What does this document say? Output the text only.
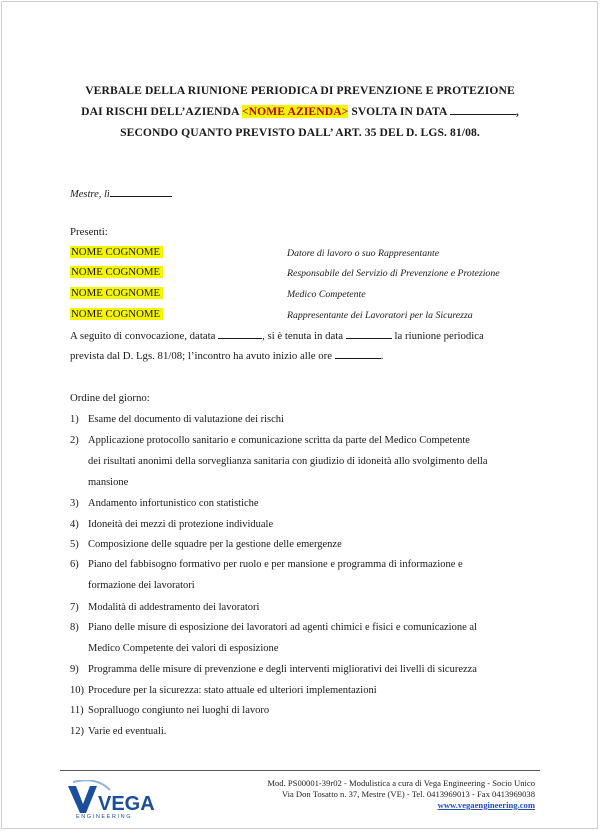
VERBALE DELLA RIUNIONE PERIODICA DI PREVENZIONE E PROTEZIONE
DAI RISCHI DELL’AZIENDA <NOME AZIENDA> SVOLTA IN DATA	,
SECONDO QUANTO PREVISTO DALL’ ART. 35 DEL D. LGS. 81/08.
Mestre, lì
Presenti:
NOME COGNOME	Datore di lavoro o suo Rappresentante
NOME COGNOME	Responsabile del Servizio di Prevenzione e Protezione
NOME COGNOME	Medico Competente
NOME COGNOME	Rappresentante dei Lavoratori per la Sicurezza
A seguito di convocazione, datata	, si è tenuta in data	la riunione periodica
prevista dal D. Lgs. 81/08; l’incontro ha avuto inizio alle ore	.
Ordine del giorno:
1) Esame del documento di valutazione dei rischi
2) Applicazione protocollo sanitario e comunicazione scritta da parte del Medico Competente
dei risultati anonimi della sorveglianza sanitaria con giudizio di idoneità allo svolgimento della
mansione
3) Andamento infortunistico con statistiche
4) Idoneità dei mezzi di protezione individuale
5) Composizione delle squadre per la gestione delle emergenze
6) Piano del fabbisogno formativo per ruolo e per mansione e programma di informazione e
formazione dei lavoratori
7) Modalità di addestramento dei lavoratori
8) Piano delle misure di esposizione dei lavoratori ad agenti chimici e fisici e comunicazione al
Medico Competente dei valori di esposizione
9) Programma delle misure di prevenzione e degli interventi migliorativi dei livelli di sicurezza
10) Procedure per la sicurezza: stato attuale ed ulteriori implementazioni
11) Sopralluogo congiunto nei luoghi di lavoro
12) Varie ed eventuali.
VEGA
ENGINEERING
Mod. PS00001-39r02 - Modulistica a cura di Vega Engineering - Socio Unico
Via Don Tosatto n. 37, Mestre (VE) - Tel. 0413969013 - Fax 0413969038
www.vegaengineering.com
